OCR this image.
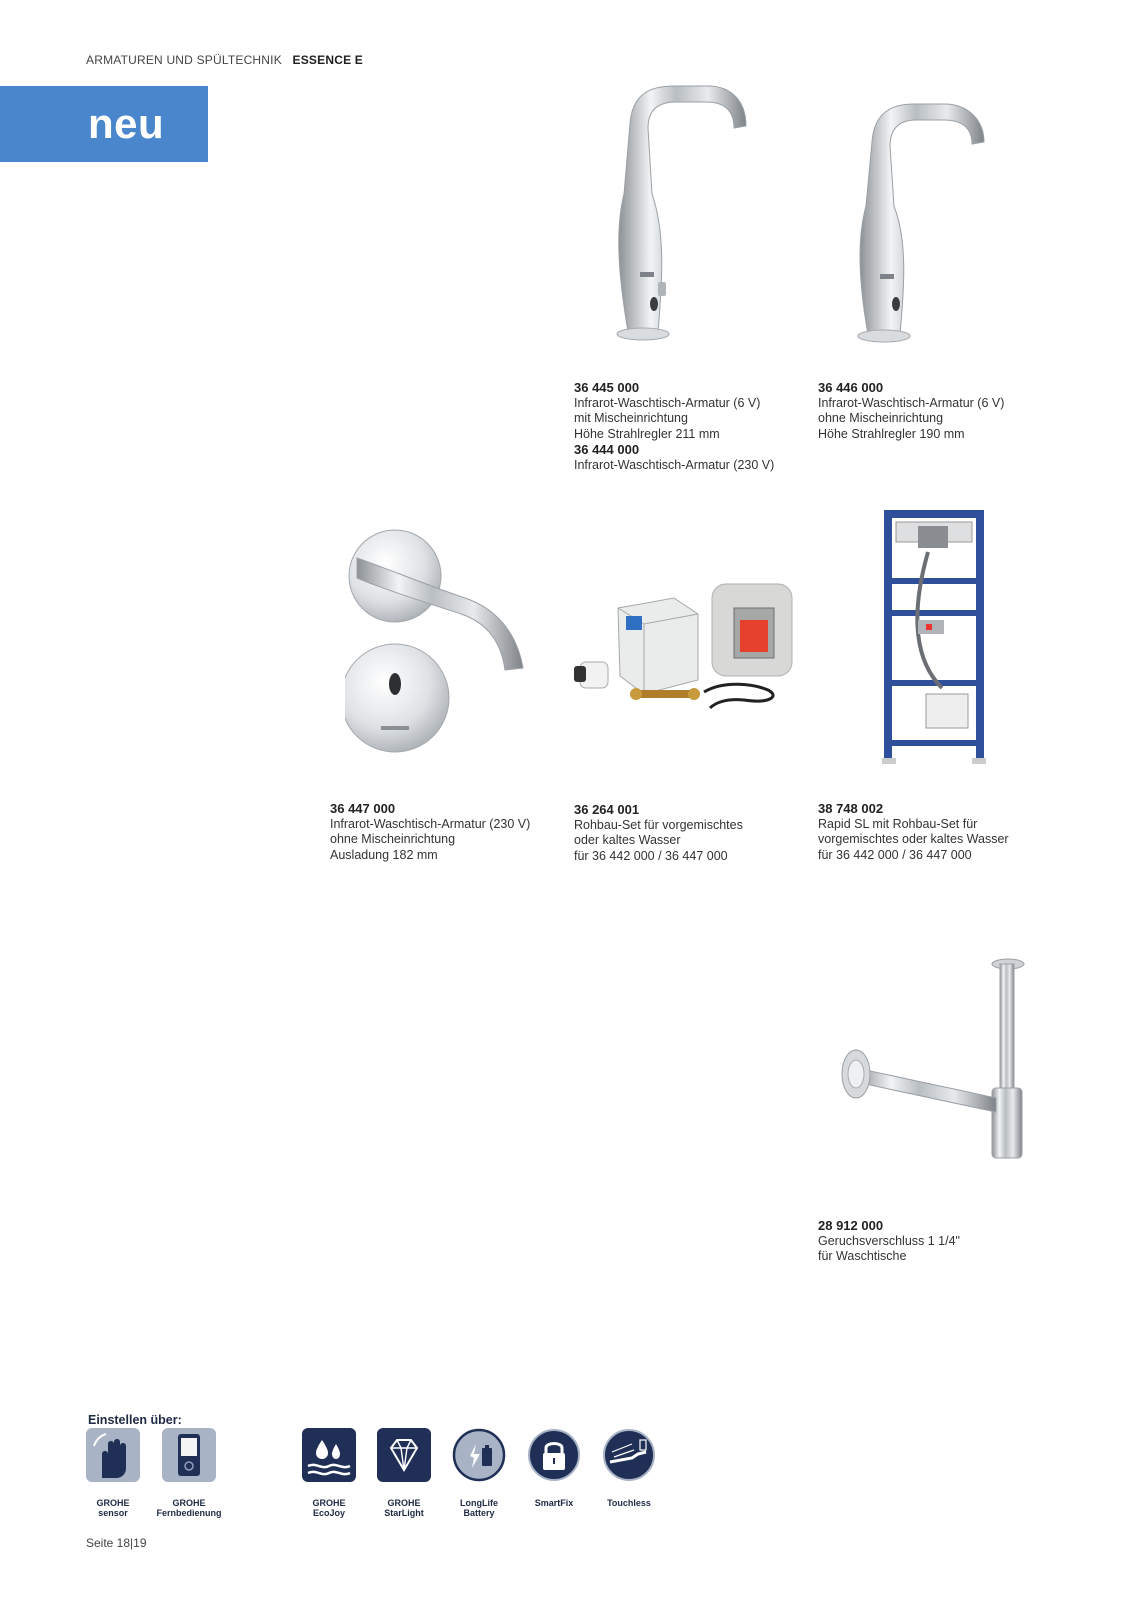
ARMATUREN UND SPÜLTECHNIK ESSENCE E
neu
36 445 000
Infrarot-Waschtisch-Armatur (6 V)
mit Mischeinrichtung
Höhe Strahlregler 211 mm
36 444 000
Infrarot-Waschtisch-Armatur (230 V)
36 446 000
Infrarot-Waschtisch-Armatur (6 V)
ohne Mischeinrichtung
Höhe Strahlregler 190 mm
36 447 000
Infrarot-Waschtisch-Armatur (230 V)
ohne Mischeinrichtung
Ausladung 182 mm
36 264 001
Rohbau-Set für vorgemischtes
oder kaltes Wasser
für 36 442 000 / 36 447 000
38 748 002
Rapid SL mit Rohbau-Set für
vorgemischtes oder kaltes Wasser
für 36 442 000 / 36 447 000
28 912 000
Geruchsverschluss 1 1/4"
für Waschtische
Einstellen über:
GROHE
sensor
GROHE
Fernbedienung
GROHE
EcoJoy
GROHE
StarLight
LongLife
Battery
SmartFix	Touchless
Seite 18|19
